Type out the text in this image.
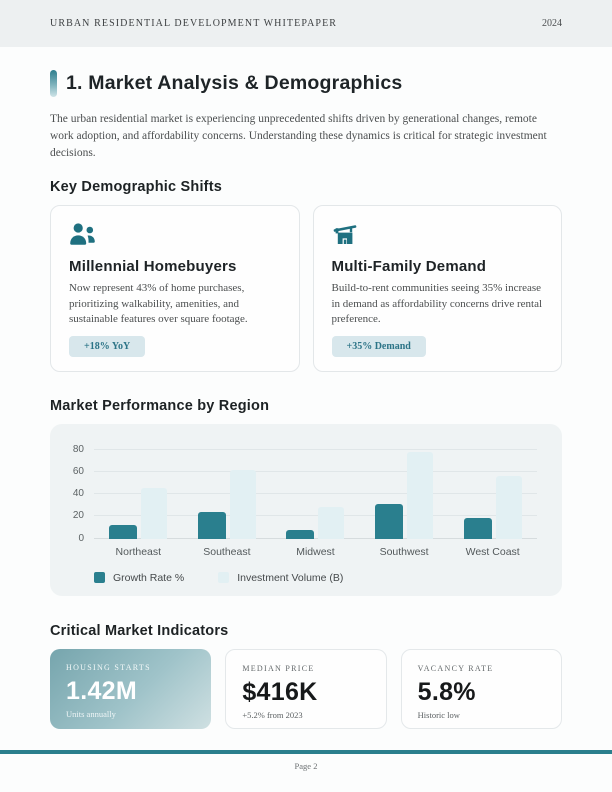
URBAN RESIDENTIAL DEVELOPMENT WHITEPAPER	2024
1. Market Analysis & Demographics

The urban residential market is experiencing unprecedented shifts driven by generational changes, remote work adoption, and affordability concerns. Understanding these dynamics is critical for strategic investment decisions.

Key Demographic Shifts
Millennial Homebuyers

Now represent 43% of home purchases, prioritizing walkability, amenities, and sustainable features over square footage.

+18% YoY
Multi-Family Demand

Build-to-rent communities seeing 35% increase in demand as affordability concerns drive rental preference.

+35% Demand
Market Performance by Region
0
20
40
60
80
Northeast	Southeast	Midwest	Southwest	West Coast
Growth Rate %	Investment Volume (B)
Critical Market Indicators
HOUSING STARTS
1.42M
Units annually
MEDIAN PRICE
$416K
+5.2% from 2023
VACANCY RATE
5.8%
Historic low
Page 2
